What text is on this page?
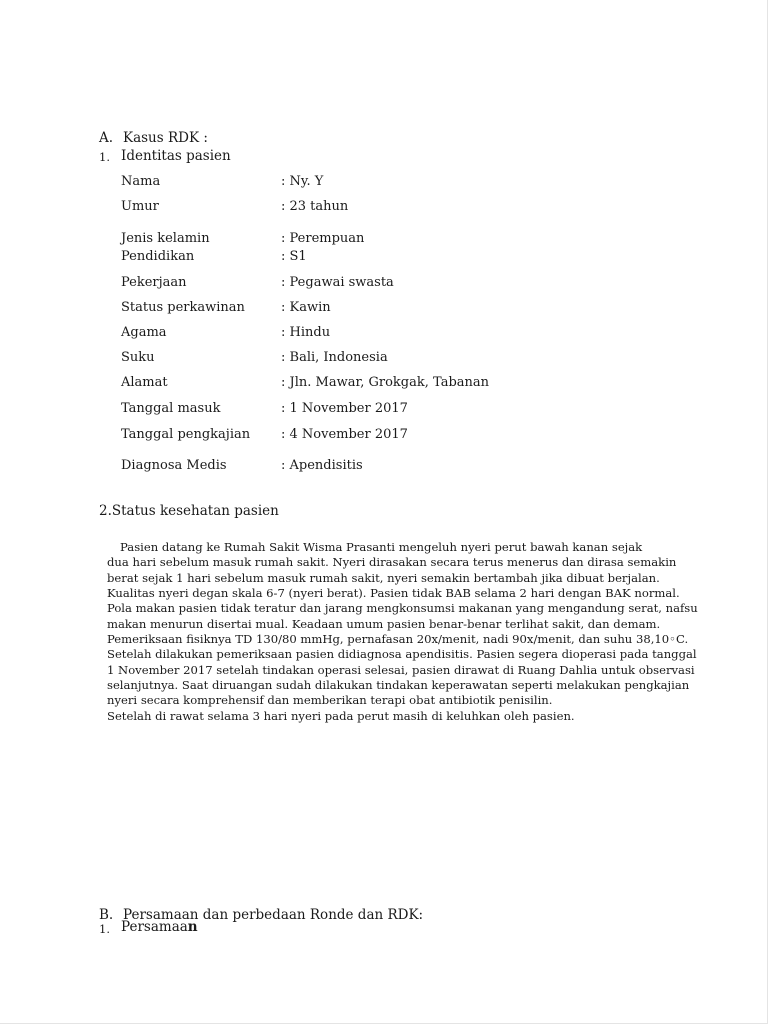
A. Kasus RDK :
1. Identitas pasien
Nama	: Ny. Y
Umur	: 23 tahun
Jenis kelamin	: Perempuan
Pendidikan	: S1
Pekerjaan	: Pegawai swasta
Status perkawinan	: Kawin
Agama	: Hindu
Suku	: Bali, Indonesia
Alamat	: Jln. Mawar, Grokgak, Tabanan
Tanggal masuk	: 1 November 2017
Tanggal pengkajian : 4 November 2017
Diagnosa Medis	: Apendisitis
2.Status kesehatan pasien
Pasien datang ke Rumah Sakit Wisma Prasanti mengeluh nyeri perut bawah kanan sejak
dua hari sebelum masuk rumah sakit. Nyeri dirasakan secara terus menerus dan dirasa semakin
berat sejak 1 hari sebelum masuk rumah sakit, nyeri semakin bertambah jika dibuat berjalan.
Kualitas nyeri degan skala 6-7 (nyeri berat). Pasien tidak BAB selama 2 hari dengan BAK normal.
Pola makan pasien tidak teratur dan jarang mengkonsumsi makanan yang mengandung serat, nafsu
makan menurun disertai mual. Keadaan umum pasien benar-benar terlihat sakit, dan demam.
Pemeriksaan fisiknya TD 130/80 mmHg, pernafasan 20x/menit, nadi 90x/menit, dan suhu 38,10◦C.
Setelah dilakukan pemeriksaan pasien didiagnosa apendisitis. Pasien segera dioperasi pada tanggal
1 November 2017 setelah tindakan operasi selesai, pasien dirawat di Ruang Dahlia untuk observasi
selanjutnya. Saat diruangan sudah dilakukan tindakan keperawatan seperti melakukan pengkajian
nyeri secara komprehensif dan memberikan terapi obat antibiotik penisilin.
Setelah di rawat selama 3 hari nyeri pada perut masih di keluhkan oleh pasien.
B. Persamaan dan perbedaan Ronde dan RDK:
1. Persamaan
